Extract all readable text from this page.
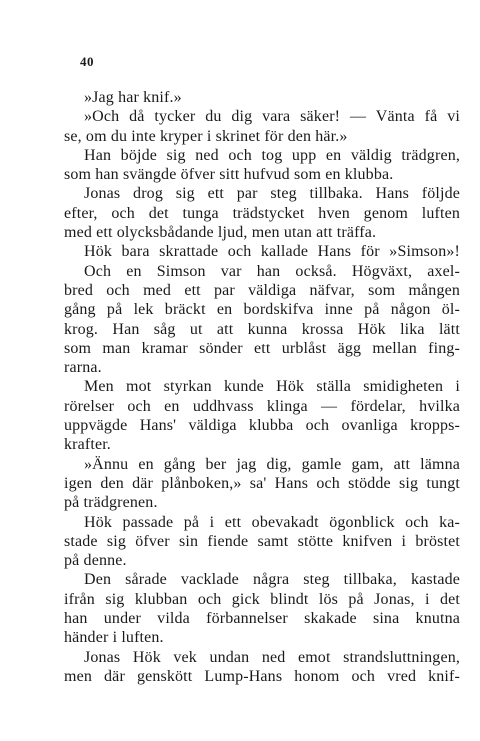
40
»Jag har knif.»
»Och då tycker du dig vara säker! — Vänta få vi
se, om du inte kryper i skrinet för den här.»
Han böjde sig ned och tog upp en väldig trädgren,
som han svängde öfver sitt hufvud som en klubba.
Jonas drog sig ett par steg tillbaka. Hans följde
efter, och det tunga trädstycket hven genom luften
med ett olycksbådande ljud, men utan att träffa.
Hök bara skrattade och kallade Hans för »Simson»!
Och en Simson var han också. Högväxt, axel-
bred och med ett par väldiga näfvar, som mången
gång på lek bräckt en bordskifva inne på någon öl-
krog. Han såg ut att kunna krossa Hök lika lätt
som man kramar sönder ett urblåst ägg mellan fing-
rarna.
Men mot styrkan kunde Hök ställa smidigheten i
rörelser och en uddhvass klinga — fördelar, hvilka
uppvägde Hans' väldiga klubba och ovanliga kropps-
krafter.
»Ännu en gång ber jag dig, gamle gam, att lämna
igen den där plånboken,» sa' Hans och stödde sig tungt
på trädgrenen.
Hök passade på i ett obevakadt ögonblick och ka-
stade sig öfver sin fiende samt stötte knifven i bröstet
på denne.
Den sårade vacklade några steg tillbaka, kastade
ifrån sig klubban och gick blindt lös på Jonas, i det
han under vilda förbannelser skakade sina knutna
händer i luften.
Jonas Hök vek undan ned emot strandsluttningen,
men där genskött Lump-Hans honom och vred knif-
